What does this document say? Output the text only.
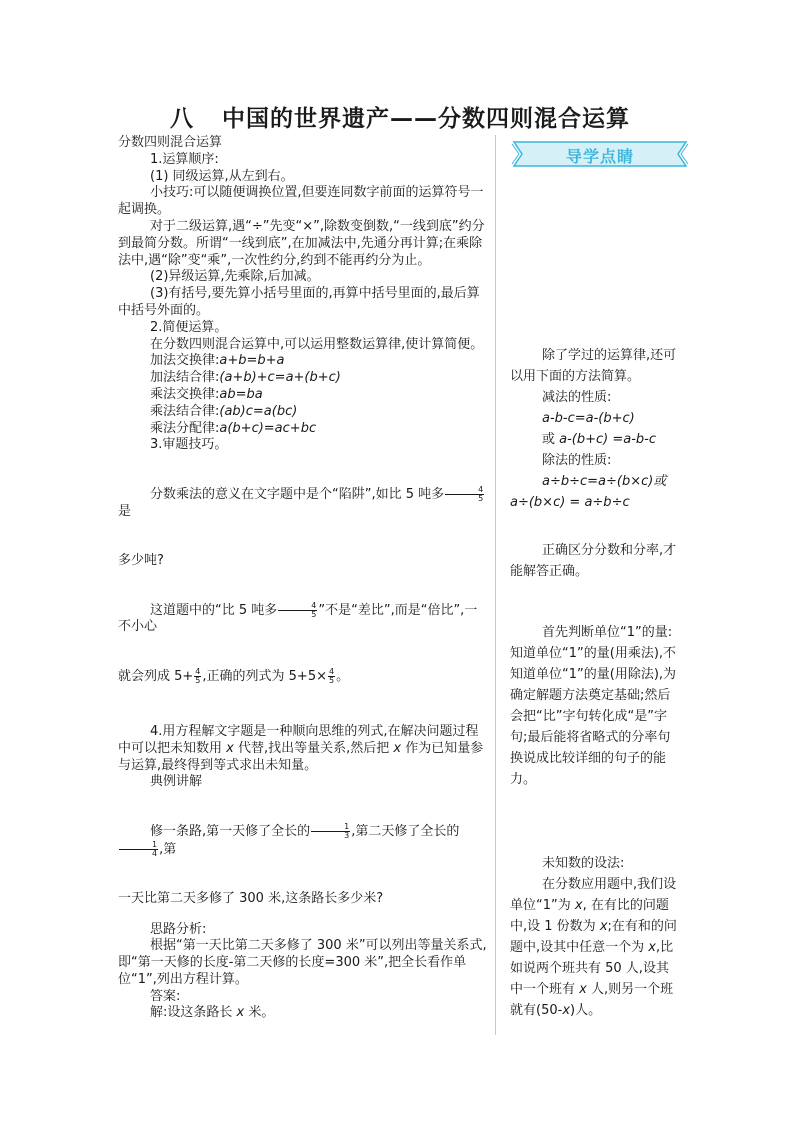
八 中国的世界遗产——分数四则混合运算
导学点睛

分数四则混合运算

1.运算顺序:

(1) 同级运算,从左到右。

小技巧:可以随便调换位置,但要连同数字前面的运算符号一起调换。

对于二级运算,遇“÷”先变“×”,除数变倒数,“一线到底”约分到最简分数。所谓“一线到底”,在加减法中,先通分再计算;在乘除法中,遇“除”变“乘”,一次性约分,约到不能再约分为止。

(2)异级运算,先乘除,后加减。

(3)有括号,要先算小括号里面的,再算中括号里面的,最后算中括号外面的。

2.简便运算。

在分数四则混合运算中,可以运用整数运算律,使计算简便。

加法交换律:a+b=b+a

加法结合律:(a+b)+c=a+(b+c)

乘法交换律:ab=ba

乘法结合律:(ab)c=a(bc)

乘法分配律:a(b+c)=ac+bc

3.审题技巧。

分数乘法的意义在文字题中是个“陷阱”,如比 5 吨多 $\frac{4}{5}$
是

多少吨?

这道题中的“比 5 吨多 $\frac{4}{5}$ ”不是“差比”,而是“倍比”,一不小心

就会列成 $5+ \frac{4}{5}$ ,正确的列式为 $5+5\times \frac{4}{5}$ 。

4.用方程解文字题是一种顺向思维的列式,在解决问题过程中可以把未知数用 x 代替,找出等量关系,然后把 x 作为已知量参与运算,最终得到等式求出未知量。

典例讲解

修一条路,第一天修了全长的 $\frac{1}{3}$ ,第二天修了全长的
$\frac{1}{4}$ ,第

一天比第二天多修了 300 米,这条路长多少米?

思路分析:

根据“第一天比第二天多修了 300 米”可以列出等量关系式,即“第一天修的长度-第二天修的长度=300 米”,把全长看作单位“1”,列出方程计算。

答案:

解:设这条路长 x 米。

除了学过的运算律,还可以用下面的方法简算。

减法的性质:

a-b-c=a-(b+c)

或 a-(b+c) =a-b-c

除法的性质:

a÷b÷c=a÷(b×c)或

a÷(b×c) = a÷b÷c

正确区分分数和分率,才能解答正确。

首先判断单位“1”的量:知道单位“1”的量(用乘法),不知道单位“1”的量(用除法),为确定解题方法奠定基础;然后会把“比”字句转化成“是”字句;最后能将省略式的分率句换说成比较详细的句子的能力。

未知数的设法:

在分数应用题中,我们设单位“1”为 x, 在有比的问题中,设 1 份数为 x;在有和的问题中,设其中任意一个为 x,比如说两个班共有 50 人,设其中一个班有 x 人,则另一个班就有(50-x)人。
